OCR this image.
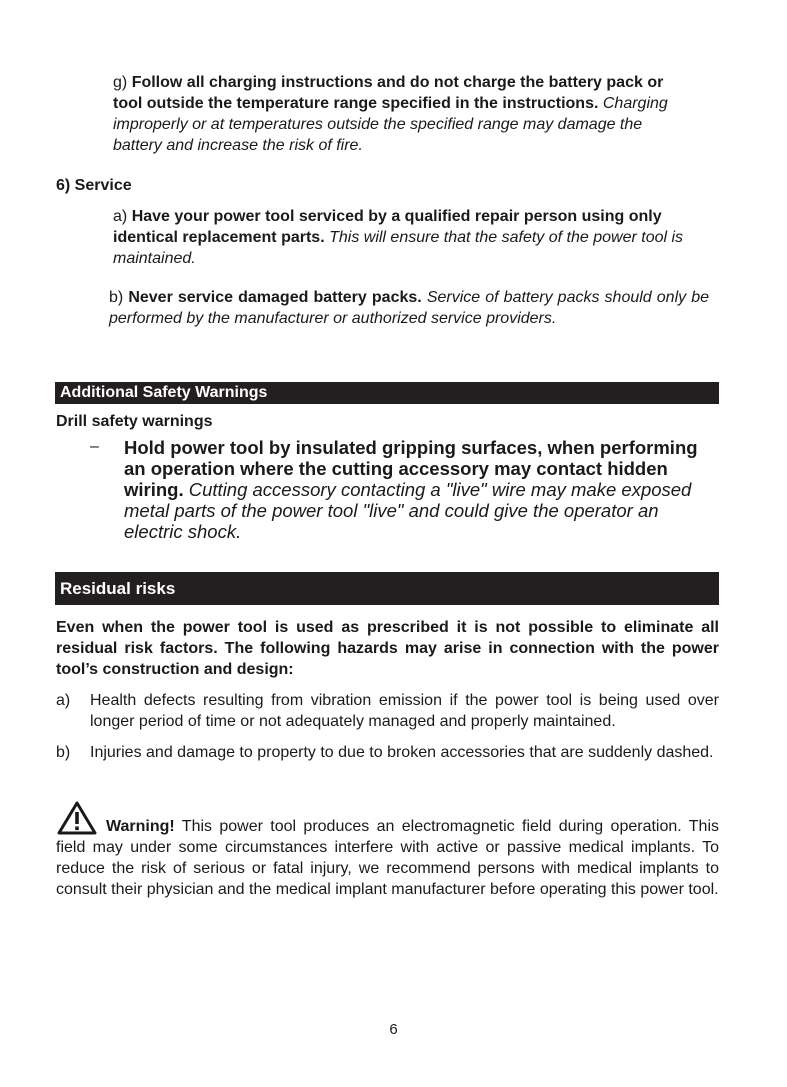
g) Follow all charging instructions and do not charge the battery pack or tool outside the temperature range specified in the instructions. Charging improperly or at temperatures outside the specified range may damage the battery and increase the risk of fire.
6) Service
a) Have your power tool serviced by a qualified repair person using only identical replacement parts. This will ensure that the safety of the power tool is maintained.
b) Never service damaged battery packs. Service of battery packs should only be performed by the manufacturer or authorized service providers.
Additional Safety Warnings
Drill safety warnings
– Hold power tool by insulated gripping surfaces, when performing an operation where the cutting accessory may contact hidden wiring. Cutting accessory contacting a "live" wire may make exposed metal parts of the power tool "live" and could give the operator an electric shock.
Residual risks
Even when the power tool is used as prescribed it is not possible to eliminate all residual risk factors. The following hazards may arise in connection with the power tool’s construction and design:
a)	Health defects resulting from vibration emission if the power tool is being used over longer period of time or not adequately managed and properly maintained.
b)	Injuries and damage to property to due to broken accessories that are suddenly dashed.
Warning! This power tool produces an electromagnetic field during operation. This field may under some circumstances interfere with active or passive medical implants. To reduce the risk of serious or fatal injury, we recommend persons with medical implants to consult their physician and the medical implant manufacturer before operating this power tool.
6
